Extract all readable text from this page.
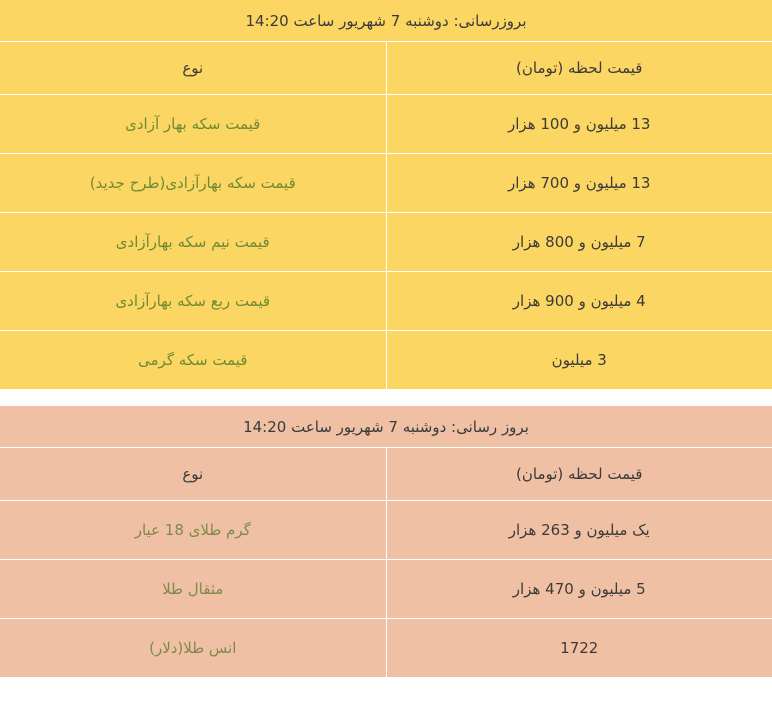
بروزرسانی: دوشنبه 7 شهریور ساعت 14:20	
قیمت لحظه (تومان)	نوع
13 میلیون و 100 هزار	قیمت سکه بهار آزادی
13 میلیون و 700 هزار	قیمت سکه بهارآزادی(طرح جدید)
7 میلیون و 800 هزار	قیمت نیم سکه بهارآزادی
4 میلیون و 900 هزار	قیمت ربع سکه بهارآزادی
3 میلیون	قیمت سکه گرمی
بروز رسانی: دوشنبه 7 شهریور ساعت 14:20	
قیمت لحظه (تومان)	نوع
یک میلیون و 263 هزار	گرم طلای 18 عیار
5 میلیون و 470 هزار	مثقال طلا
1722	انس طلا(دلار)
